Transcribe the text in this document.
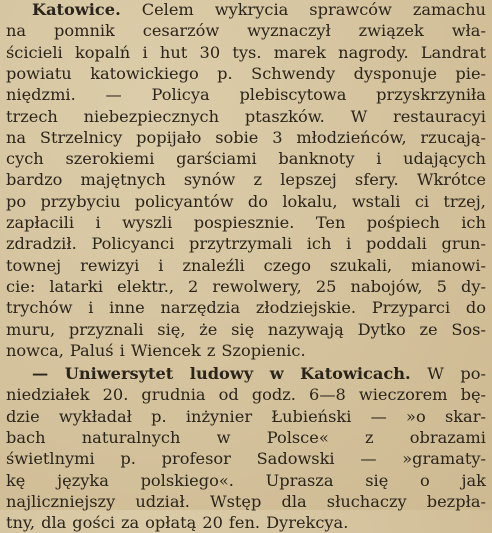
Katowice. Celem wykrycia sprawców zamachu
na pomnik cesarzów wyznaczył związek wła-
ścicieli kopalń i hut 30 tys. marek nagrody. Landrat
powiatu katowickiego p. Schwendy dysponuje pie-
niędzmi. — Policya plebiscytowa przyskrzyniła
trzech niebezpiecznych ptaszków. W restauracyi
na Strzelnicy popijało sobie 3 młodzieńców, rzucają-
cych szerokiemi garściami banknoty i udających
bardzo majętnych synów z lepszej sfery. Wkrótce
po przybyciu policyantów do lokalu, wstali ci trzej,
zapłacili i wyszli pospiesznie. Ten pośpiech ich
zdradził. Policyanci przytrzymali ich i poddali grun-
townej rewizyi i znaleźli czego szukali, mianowi-
cie: latarki elektr., 2 rewolwery, 25 nabojów, 5 dy-
trychów i inne narzędzia złodziejskie. Przyparci do
muru, przyznali się, że się nazywają Dytko ze Sos-
nowca, Paluś i Wiencek z Szopienic.
— Uniwersytet ludowy w Katowicach. W po-
niedziałek 20. grudnia od godz. 6—8 wieczorem bę-
dzie wykładał p. inżynier Łubieński — »o skar-
bach naturalnych w Polsce« z obrazami
świetlnymi p. profesor Sadowski — »gramaty-
kę języka polskiego«. Uprasza się o jak
najliczniejszy udział. Wstęp dla słuchaczy bezpła-
tny, dla gości za opłatą 20 fen. Dyrekcya.
